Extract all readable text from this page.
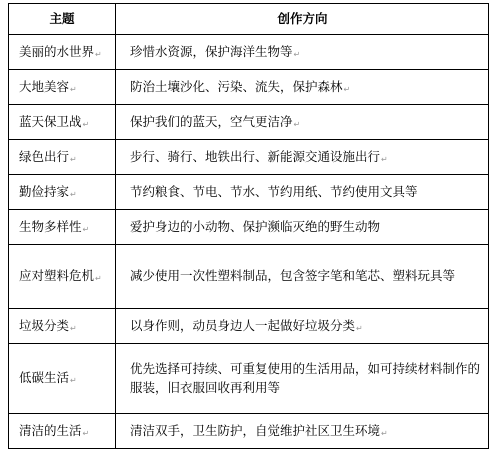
主题	创作方向
美丽的水世界↵	珍惜水资源，保护海洋生物等↵
大地美容↵	防治土壤沙化、污染、流失，保护森林↵
蓝天保卫战↵	保护我们的蓝天，空气更洁净↵
绿色出行↵	步行、骑行、地铁出行、新能源交通设施出行↵
勤俭持家↵	节约粮食、节电、节水、节约用纸、节约使用文具等
生物多样性↵	爱护身边的小动物、保护濒临灭绝的野生动物
应对塑料危机↵	减少使用一次性塑料制品，包含签字笔和笔芯、塑料玩具等
垃圾分类↵	以身作则，动员身边人一起做好垃圾分类↵
低碳生活↵	优先选择可持续、可重复使用的生活用品，如可持续材料制作的服装，旧衣服回收再利用等
清洁的生活↵	清洁双手，卫生防护，自觉维护社区卫生环境↵
